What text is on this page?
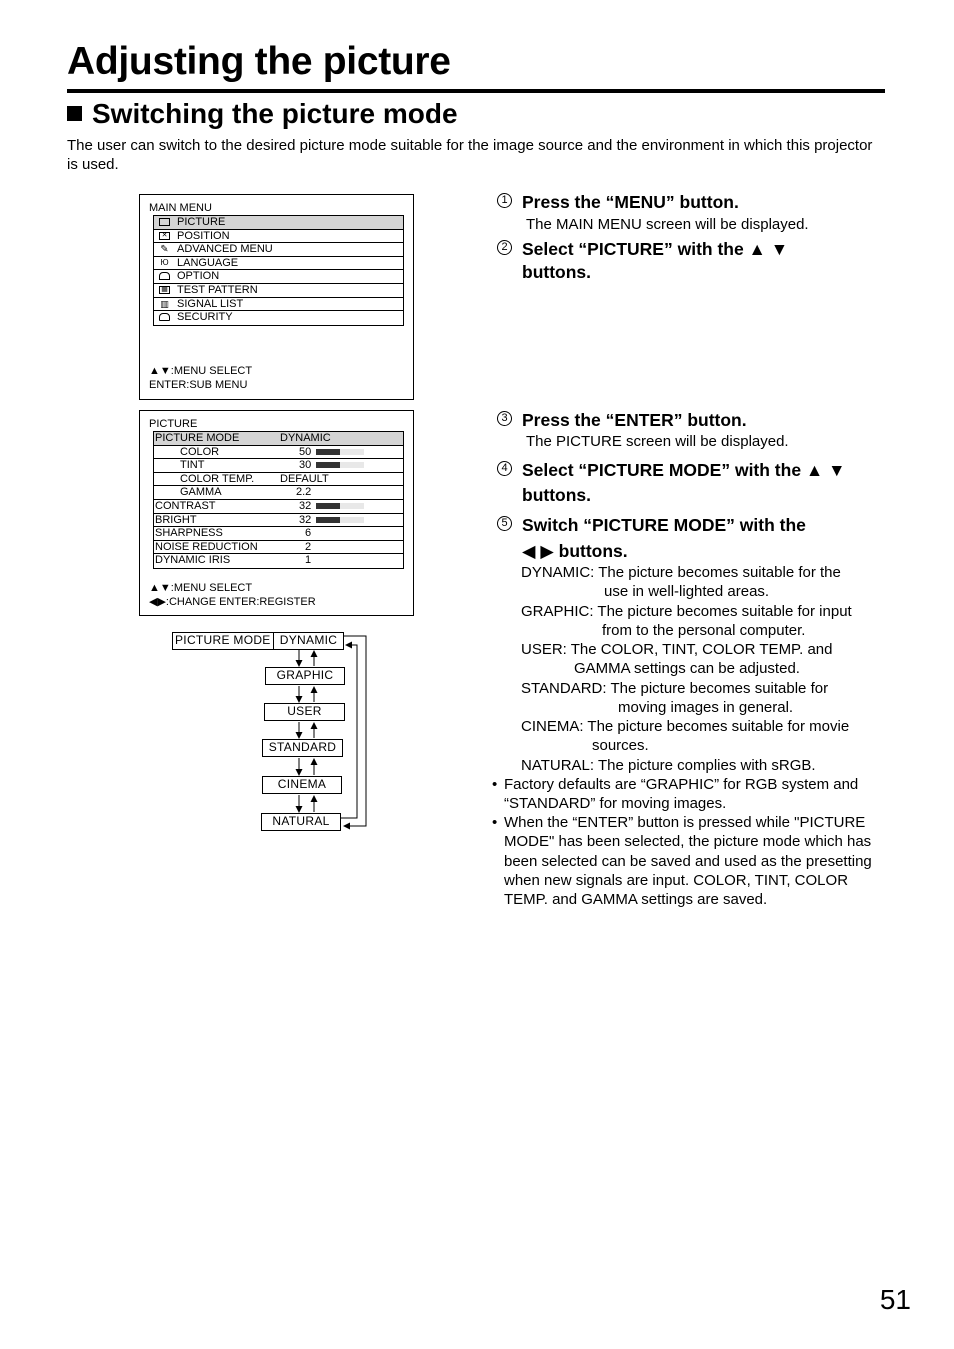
Adjusting the picture
Switching the picture mode

The user can switch to the desired picture mode suitable for the image source and the environment in which this projector is used.

MAIN MENU
PICTURE
✕ POSITION
✎ ADVANCED MENU
Ю LANGUAGE
OPTION
▦ TEST PATTERN
▥ SIGNAL LIST
SECURITY
▲▼:MENU SELECT
ENTER:SUB MENU
PICTURE
PICTURE MODE	DYNAMIC
COLOR	50
TINT	30
COLOR TEMP. DEFAULT
GAMMA	2.2
CONTRAST	32
BRIGHT	32
SHARPNESS	6
NOISE REDUCTION	2
DYNAMIC IRIS	1
▲▼:MENU SELECT
◀▶:CHANGE ENTER:REGISTER
PICTURE MODE DYNAMIC
GRAPHIC
USER
STANDARD
CINEMA
NATURAL
1 Press the “MENU” button.
The MAIN MENU screen will be displayed.
2 Select “PICTURE” with the ▲ ▼
buttons.
3 Press the “ENTER” button.
The PICTURE screen will be displayed.
4 Select “PICTURE MODE” with the ▲ ▼
buttons.
5 Switch “PICTURE MODE” with the
◀ ▶ buttons.
DYNAMIC: The picture becomes suitable for the
use in well-lighted areas.
GRAPHIC: The picture becomes suitable for input
from to the personal computer.
USER: The COLOR, TINT, COLOR TEMP. and
GAMMA settings can be adjusted.
STANDARD: The picture becomes suitable for
moving images in general.
CINEMA: The picture becomes suitable for movie
sources.
NATURAL: The picture complies with sRGB.
• Factory defaults are “GRAPHIC” for RGB system and “STANDARD” for moving images.
• When the “ENTER” button is pressed while "PICTURE MODE" has been selected, the picture mode which has been selected can be saved and used as the presetting when new signals are input. COLOR, TINT, COLOR TEMP. and GAMMA settings are saved.
51
